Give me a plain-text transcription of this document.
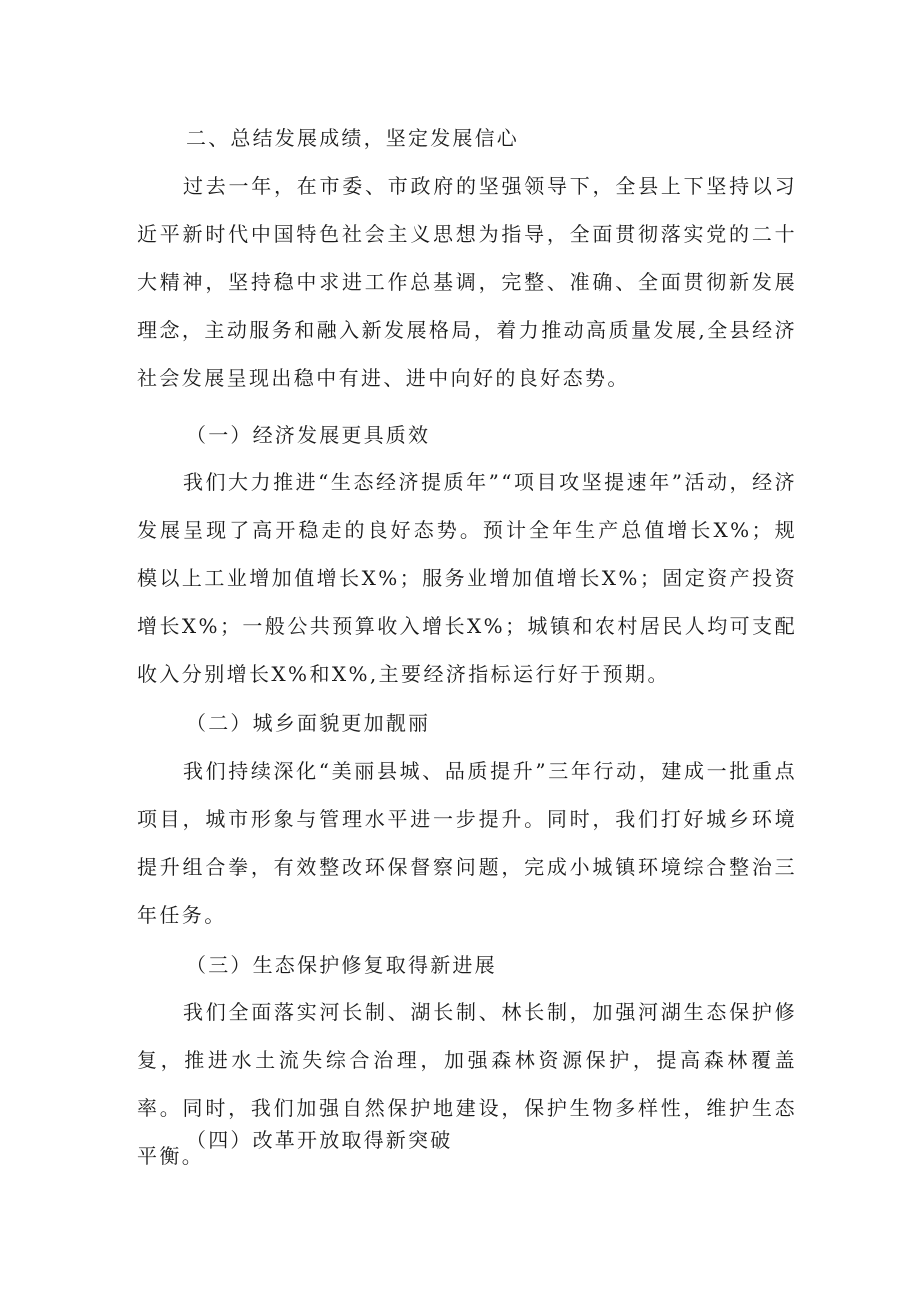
二、总结发展成绩，坚定发展信心

过去一年，在市委、市政府的坚强领导下，全县上下坚持以习近平新时代中国特色社会主义思想为指导，全面贯彻落实党的二十大精神，坚持稳中求进工作总基调，完整、准确、全面贯彻新发展理念，主动服务和融入新发展格局，着力推动高质量发展,全县经济社会发展呈现出稳中有进、进中向好的良好态势。

（一）经济发展更具质效

我们大力推进“生态经济提质年”“项目攻坚提速年”活动，经济发展呈现了高开稳走的良好态势。预计全年生产总值增长X%；规模以上工业增加值增长X%；服务业增加值增长X%；固定资产投资增长X%；一般公共预算收入增长X%；城镇和农村居民人均可支配收入分别增长X%和X%,主要经济指标运行好于预期。

（二）城乡面貌更加靓丽

我们持续深化“美丽县城、品质提升”三年行动，建成一批重点项目，城市形象与管理水平进一步提升。同时，我们打好城乡环境提升组合拳，有效整改环保督察问题，完成小城镇环境综合整治三年任务。

（三）生态保护修复取得新进展

我们全面落实河长制、湖长制、林长制，加强河湖生态保护修复，推进水土流失综合治理，加强森林资源保护，提高森林覆盖率。同时，我们加强自然保护地建设，保护生物多样性，维护生态平衡。

（四）改革开放取得新突破
